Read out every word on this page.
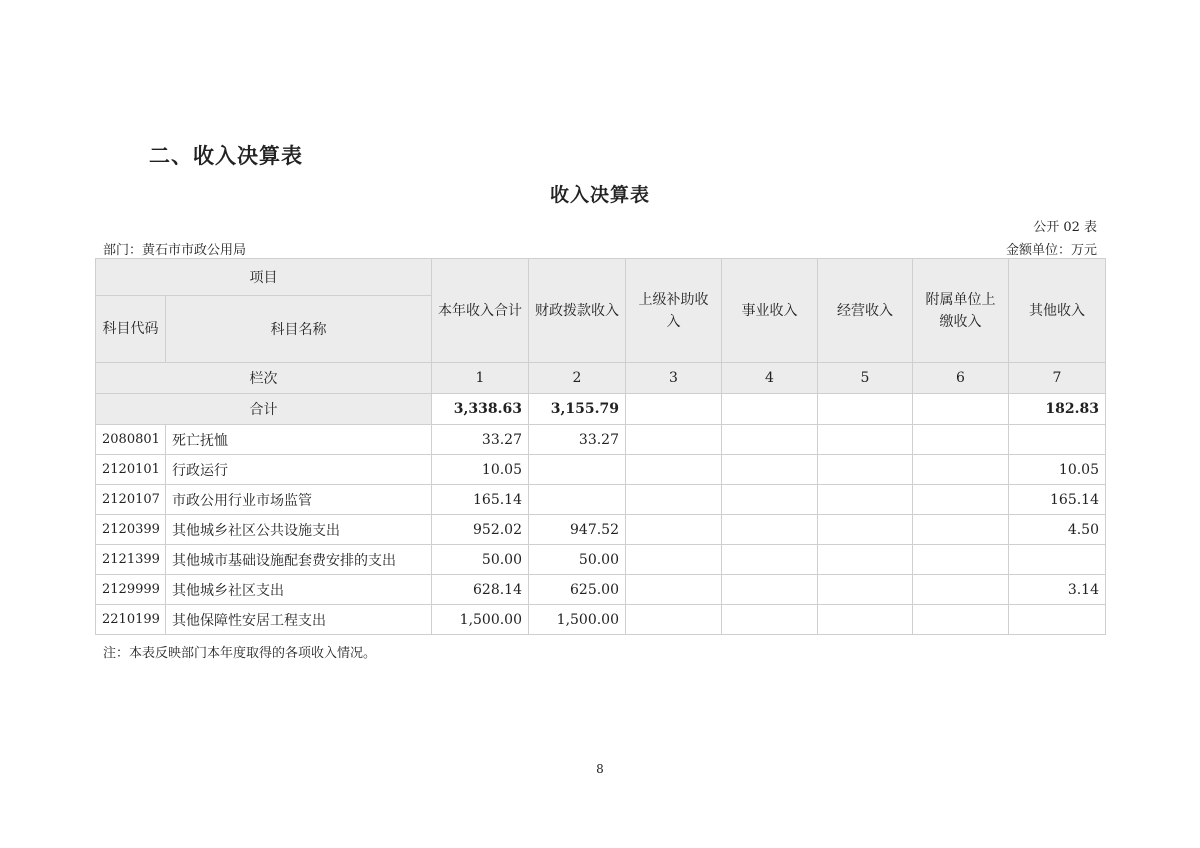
二、收入决算表
收入决算表
公开 02 表
部门：黄石市市政公用局	金额单位：万元
项目		本年收入合计	财政拨款收入	上级补助收入	事业收入	经营收入	附属单位上缴收入	其他收入
科目代码	科目名称							
栏次		1	2	3	4	5	6	7
合计		3,338.63	3,155.79					182.83
2080801	死亡抚恤	33.27	33.27					
2120101	行政运行	10.05						10.05
2120107	市政公用行业市场监管	165.14						165.14
2120399	其他城乡社区公共设施支出	952.02	947.52					4.50
2121399	其他城市基础设施配套费安排的支出	50.00	50.00					
2129999	其他城乡社区支出	628.14	625.00					3.14
2210199	其他保障性安居工程支出	1,500.00	1,500.00					
注：本表反映部门本年度取得的各项收入情况。
8
